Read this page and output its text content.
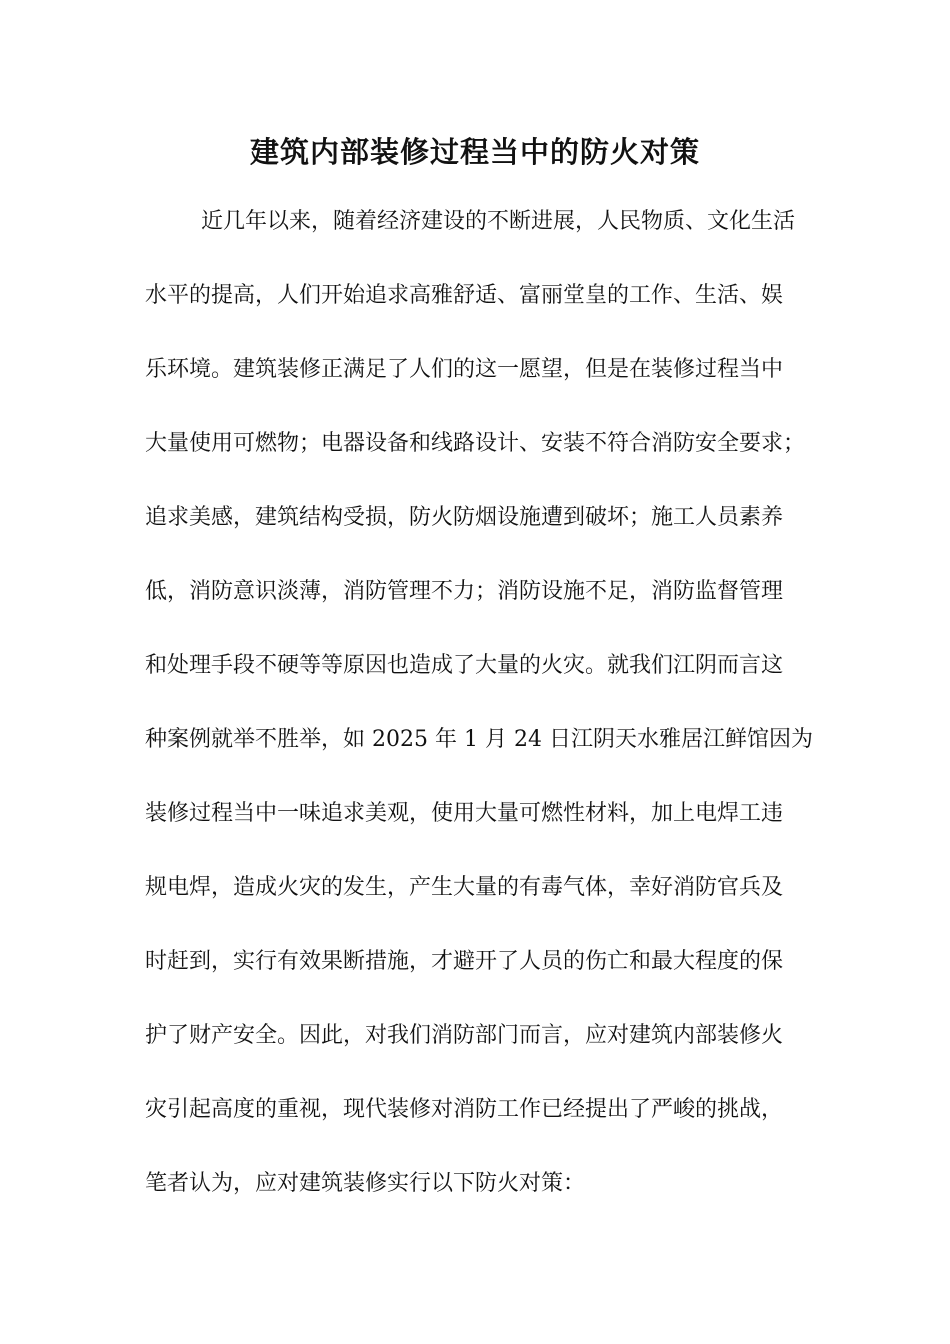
建筑内部装修过程当中的防火对策
近几年以来，随着经济建设的不断进展，人民物质、文化生活
水平的提高，人们开始追求高雅舒适、富丽堂皇的工作、生活、娱
乐环境。建筑装修正满足了人们的这一愿望，但是在装修过程当中
大量使用可燃物；电器设备和线路设计、安装不符合消防安全要求；
追求美感，建筑结构受损，防火防烟设施遭到破坏；施工人员素养
低，消防意识淡薄，消防管理不力；消防设施不足，消防监督管理
和处理手段不硬等等原因也造成了大量的火灾。就我们江阴而言这
种案例就举不胜举，如 2025 年 1 月 24 日江阴天水雅居江鲜馆因为
装修过程当中一味追求美观，使用大量可燃性材料，加上电焊工违
规电焊，造成火灾的发生，产生大量的有毒气体，幸好消防官兵及
时赶到，实行有效果断措施，才避开了人员的伤亡和最大程度的保
护了财产安全。因此，对我们消防部门而言，应对建筑内部装修火
灾引起高度的重视，现代装修对消防工作已经提出了严峻的挑战，
笔者认为，应对建筑装修实行以下防火对策：
